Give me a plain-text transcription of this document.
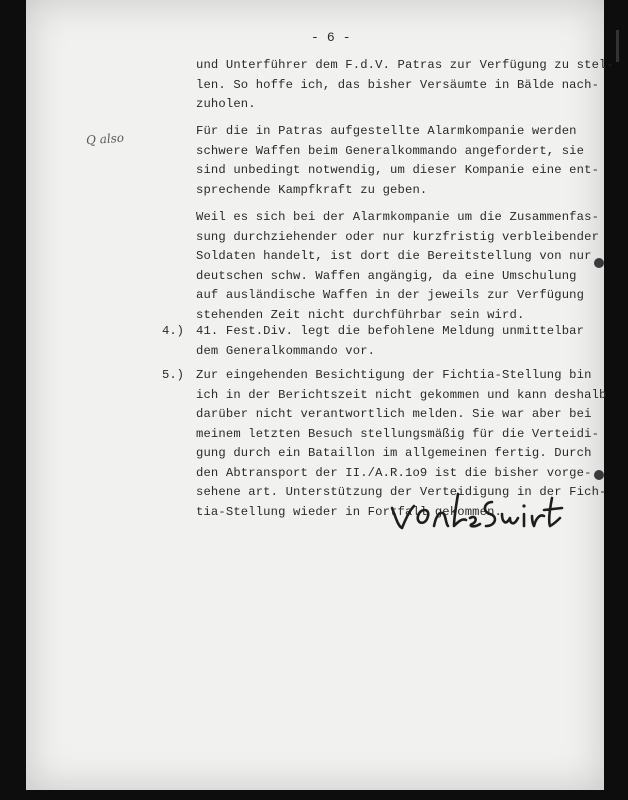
- 6 -
Q also
und Unterführer dem F.d.V. Patras zur Verfügung zu stel-
len. So hoffe ich, das bisher Versäumte in Bälde nach-
zuholen.
Für die in Patras aufgestellte Alarmkompanie werden
schwere Waffen beim Generalkommando angefordert, sie
sind unbedingt notwendig, um dieser Kompanie eine ent-
sprechende Kampfkraft zu geben.
Weil es sich bei der Alarmkompanie um die Zusammenfas-
sung durchziehender oder nur kurzfristig verbleibender
Soldaten handelt, ist dort die Bereitstellung von nur
deutschen schw. Waffen angängig, da eine Umschulung
auf ausländische Waffen in der jeweils zur Verfügung
stehenden Zeit nicht durchführbar sein wird.
4.) 41. Fest.Div. legt die befohlene Meldung unmittelbar
dem Generalkommando vor.
5.) Zur eingehenden Besichtigung der Fichtia-Stellung bin
ich in der Berichtszeit nicht gekommen und kann deshalb
darüber nicht verantwortlich melden. Sie war aber bei
meinem letzten Besuch stellungsmäßig für die Verteidi-
gung durch ein Bataillon im allgemeinen fertig. Durch
den Abtransport der II./A.R.1o9 ist die bisher vorge-
sehene art. Unterstützung der Verteidigung in der Fich-
tia-Stellung wieder in Fortfall gekommen.
